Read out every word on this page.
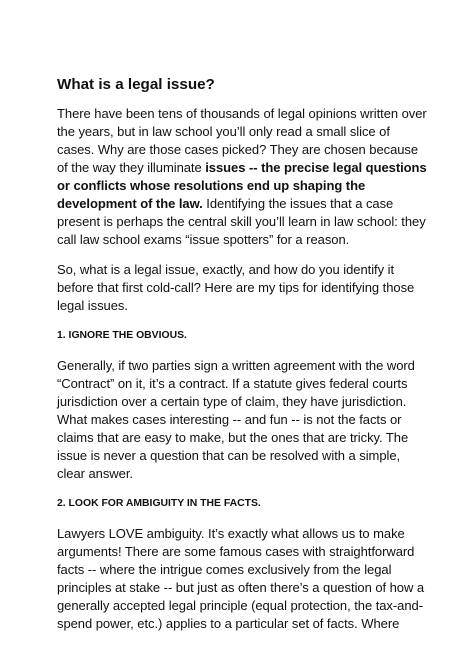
What is a legal issue?

There have been tens of thousands of legal opinions written over the years, but in law school you’ll only read a small slice of cases. Why are those cases picked? They are chosen because of the way they illuminate issues -- the precise legal questions or conflicts whose resolutions end up shaping the development of the law. Identifying the issues that a case present is perhaps the central skill you’ll learn in law school: they call law school exams “issue spotters” for a reason.

So, what is a legal issue, exactly, and how do you identify it before that first cold-call? Here are my tips for identifying those legal issues.

1. IGNORE THE OBVIOUS.

Generally, if two parties sign a written agreement with the word “Contract” on it, it’s a contract. If a statute gives federal courts jurisdiction over a certain type of claim, they have jurisdiction. What makes cases interesting -- and fun -- is not the facts or claims that are easy to make, but the ones that are tricky. The issue is never a question that can be resolved with a simple, clear answer.

2. LOOK FOR AMBIGUITY IN THE FACTS.

Lawyers LOVE ambiguity. It’s exactly what allows us to make arguments! There are some famous cases with straightforward facts -- where the intrigue comes exclusively from the legal principles at stake -- but just as often there’s a question of how a generally accepted legal principle (equal protection, the tax-and-spend power, etc.) applies to a particular set of facts. Where
